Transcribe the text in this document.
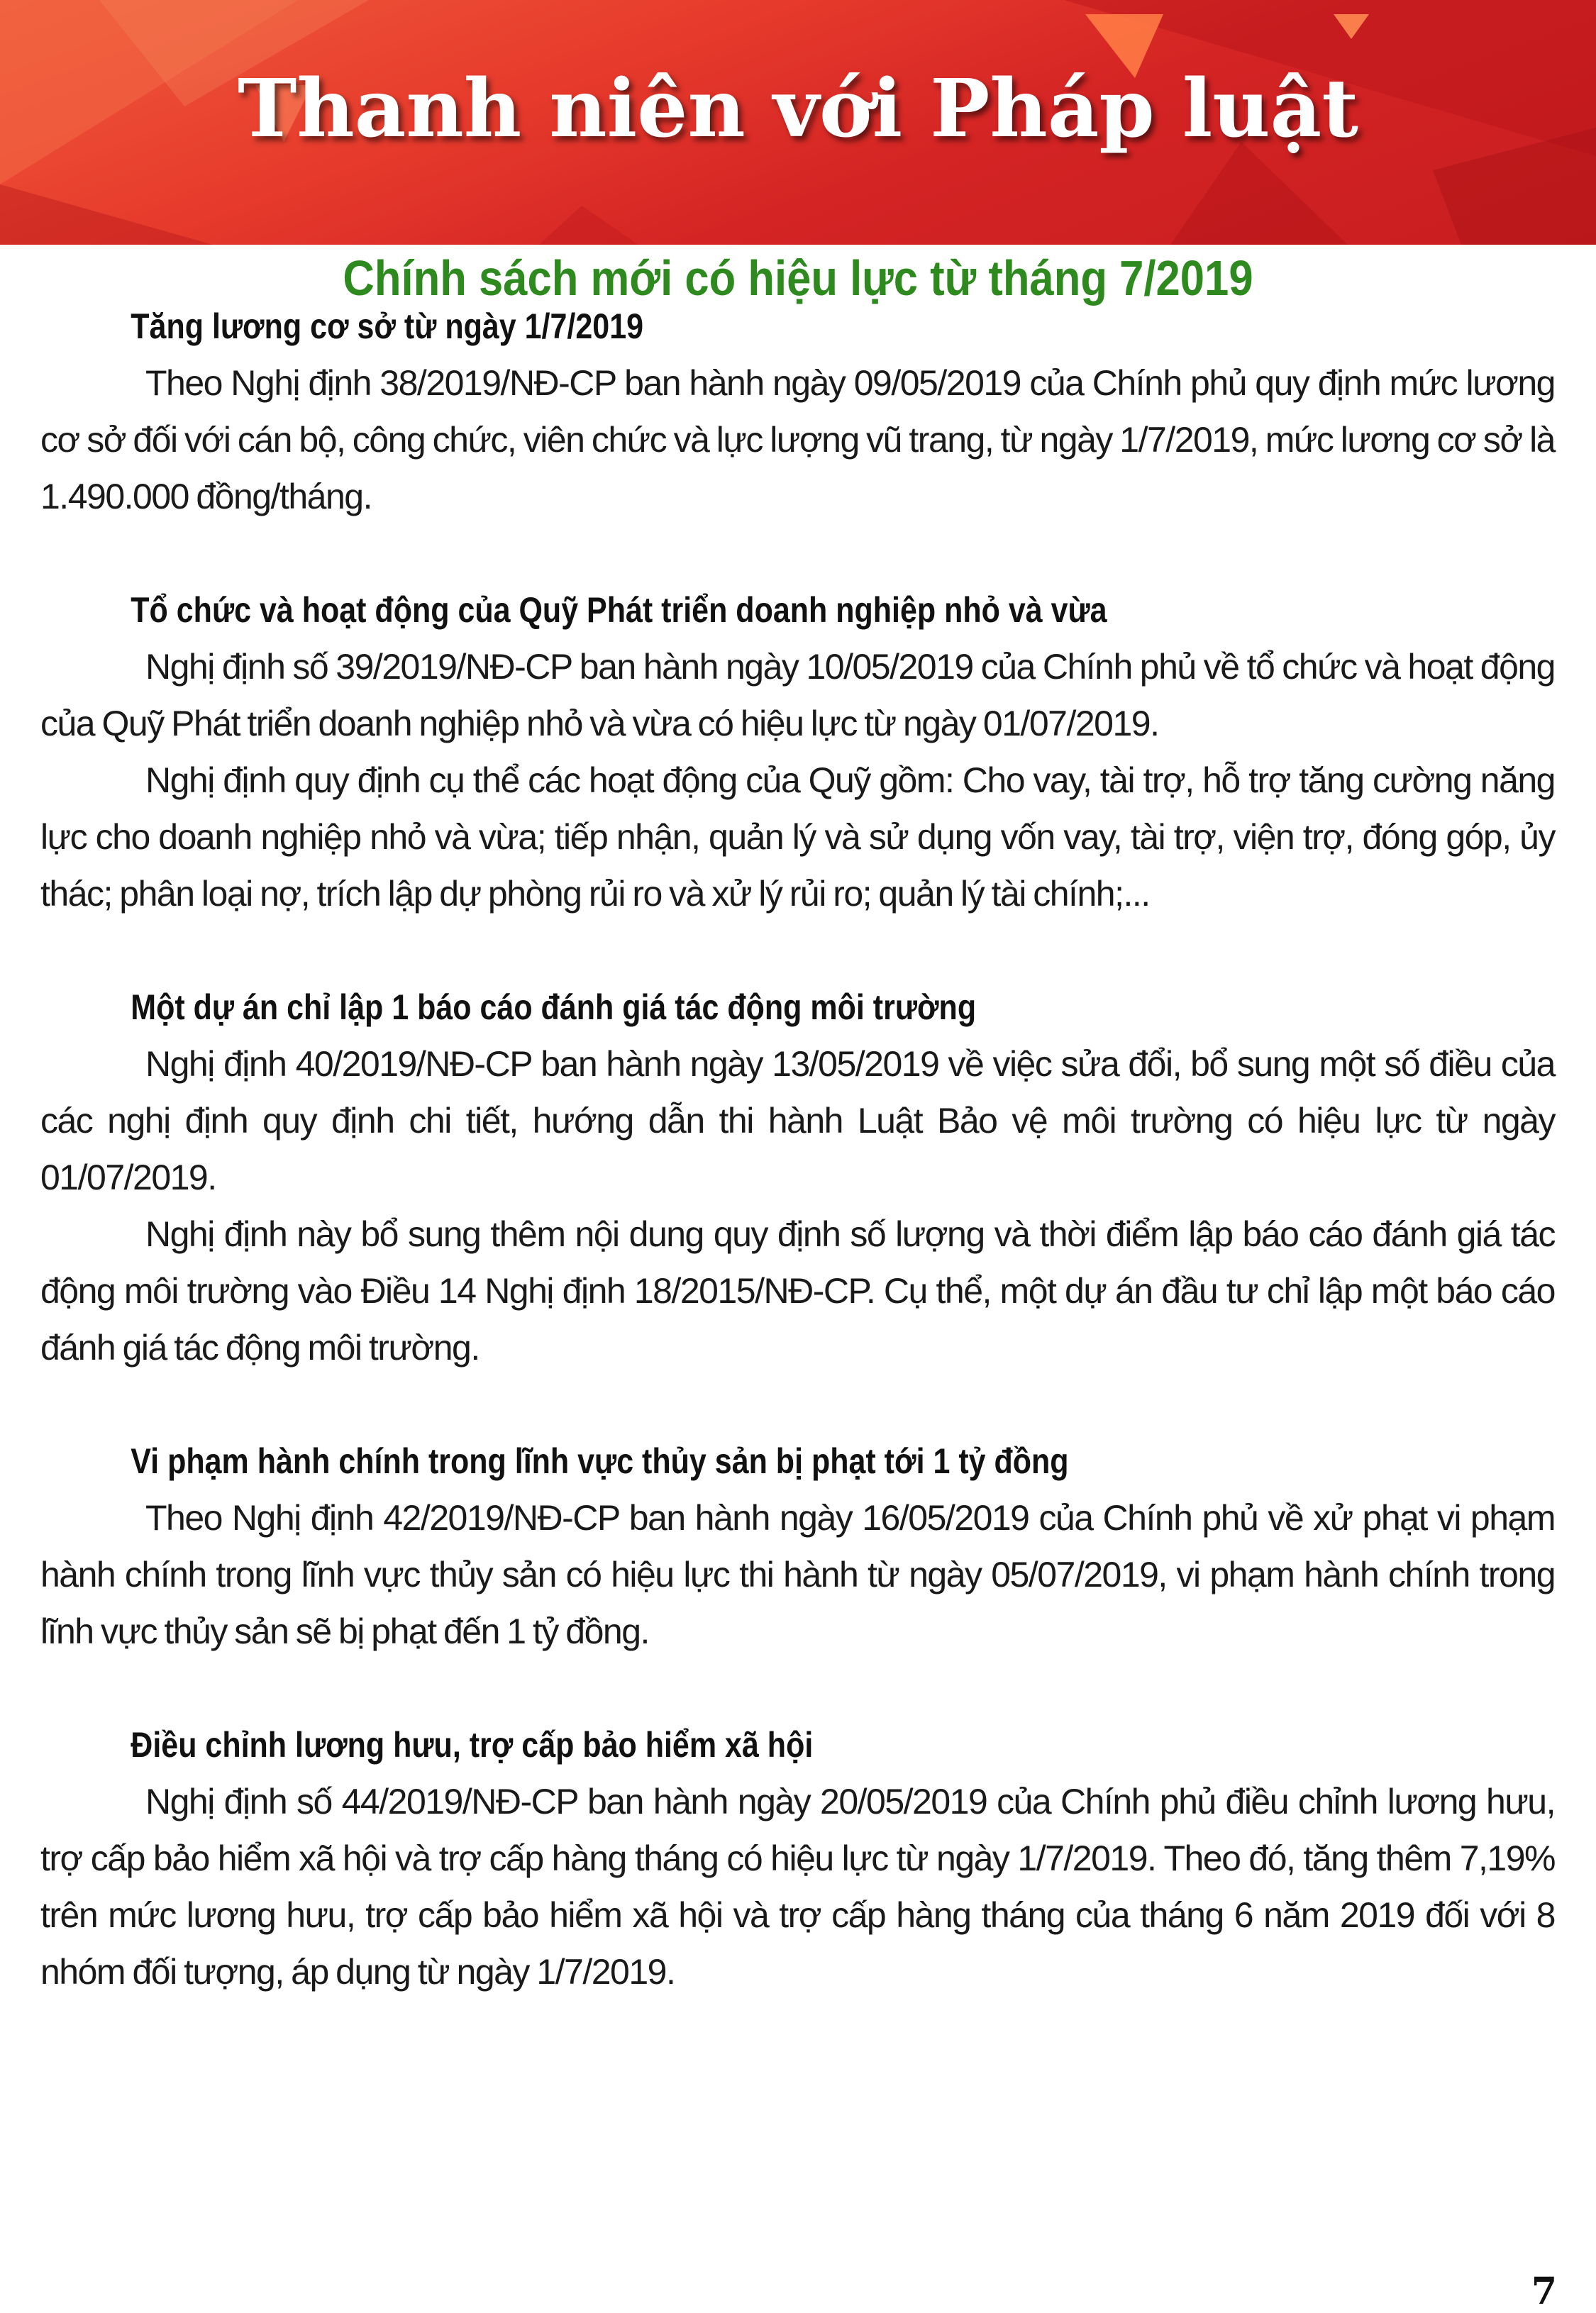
Thanh niên với Pháp luật
Chính sách mới có hiệu lực từ tháng 7/2019
Tăng lương cơ sở từ ngày 1/7/2019

Theo Nghị định 38/2019/NĐ-CP ban hành ngày 09/05/2019 của Chính phủ quy định mức lương cơ sở đối với cán bộ, công chức, viên chức và lực lượng vũ trang, từ ngày 1/7/2019, mức lương cơ sở là 1.490.000 đồng/tháng.

Tổ chức và hoạt động của Quỹ Phát triển doanh nghiệp nhỏ và vừa

Nghị định số 39/2019/NĐ-CP ban hành ngày 10/05/2019 của Chính phủ về tổ chức và hoạt động của Quỹ Phát triển doanh nghiệp nhỏ và vừa có hiệu lực từ ngày 01/07/2019.

Nghị định quy định cụ thể các hoạt động của Quỹ gồm: Cho vay, tài trợ, hỗ trợ tăng cường năng lực cho doanh nghiệp nhỏ và vừa; tiếp nhận, quản lý và sử dụng vốn vay, tài trợ, viện trợ, đóng góp, ủy thác; phân loại nợ, trích lập dự phòng rủi ro và xử lý rủi ro; quản lý tài chính;...

Một dự án chỉ lập 1 báo cáo đánh giá tác động môi trường

Nghị định 40/2019/NĐ-CP ban hành ngày 13/05/2019 về việc sửa đổi, bổ sung một số điều của các nghị định quy định chi tiết, hướng dẫn thi hành Luật Bảo vệ môi trường có hiệu lực từ ngày 01/07/2019.

Nghị định này bổ sung thêm nội dung quy định số lượng và thời điểm lập báo cáo đánh giá tác động môi trường vào Điều 14 Nghị định 18/2015/NĐ-CP. Cụ thể, một dự án đầu tư chỉ lập một báo cáo đánh giá tác động môi trường.

Vi phạm hành chính trong lĩnh vực thủy sản bị phạt tới 1 tỷ đồng

Theo Nghị định 42/2019/NĐ-CP ban hành ngày 16/05/2019 của Chính phủ về xử phạt vi phạm hành chính trong lĩnh vực thủy sản có hiệu lực thi hành từ ngày 05/07/2019, vi phạm hành chính trong lĩnh vực thủy sản sẽ bị phạt đến 1 tỷ đồng.

Điều chỉnh lương hưu, trợ cấp bảo hiểm xã hội

Nghị định số 44/2019/NĐ-CP ban hành ngày 20/05/2019 của Chính phủ điều chỉnh lương hưu, trợ cấp bảo hiểm xã hội và trợ cấp hàng tháng có hiệu lực từ ngày 1/7/2019. Theo đó, tăng thêm 7,19% trên mức lương hưu, trợ cấp bảo hiểm xã hội và trợ cấp hàng tháng của tháng 6 năm 2019 đối với 8 nhóm đối tượng, áp dụng từ ngày 1/7/2019.

7
